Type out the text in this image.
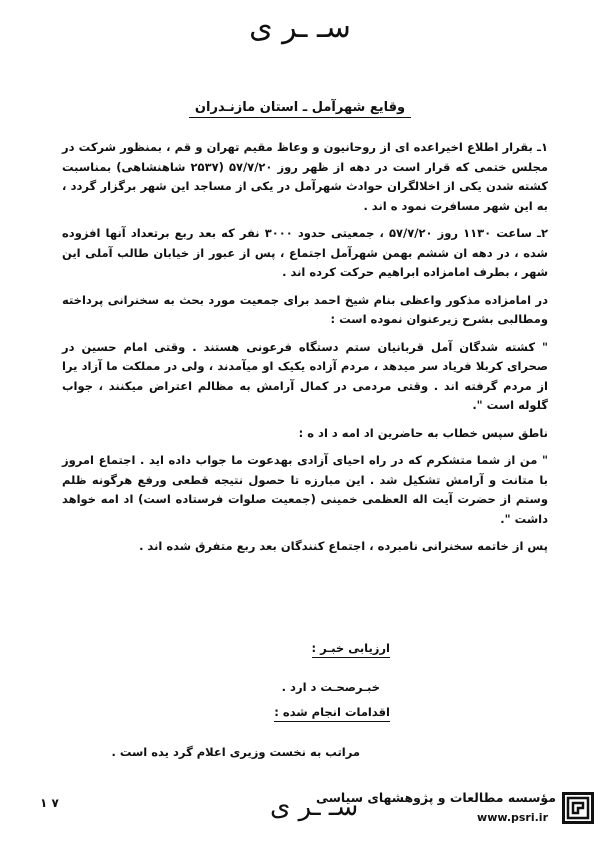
سـ ـر ی
وقایع شهرآمل ـ استان مازنـدران

۱ـ بقرار اطلاع اخیراعده ‌ای از روحانیون و وعاظ مقیم تهران و قم ، بمنظور شرکت در مجلس ختمی که قرار است در دهه از ظهر روز ۵۷/۷/۲۰ (۲۵۳۷ شاهنشاهی) بمناسبت کشته شدن یکی از اخلالگران حوادث شهرآمل در یکی از مساجد این شهر برگزار گردد ، به این شهر مسافرت نمود ه اند .

۲ـ ساعت ۱۱۳۰ روز ۵۷/۷/۲۰ ، جمعیتی حدود ۳۰۰۰ نفر که بعد ربع برتعداد آنها افزوده شده ، در دهه ‌ان ششم بهمن شهرآمل اجتماع ، پس از عبور از خیابان طالب آملی این شهر ، بطرف امامزاده ابراهیم حرکت کرده اند .

در امامزاده مذکور واعظی بنام شیخ احمد برای جمعیت مورد بحث به سخنرانی پرداخته ومطالبی بشرح زیرعنوان نموده است :

" کشته شدگان آمل قربانیان ستم دستگاه فرعونی هستند . وقتی امام حسین در صحرای کربلا فریاد سر میدهد ، مردم آزاده یکیک او میآمدند ، ولی در مملکت ما آزاد یرا از مردم گرفته اند . وقتی مردمی در کمال آرامش به مظالم اعتراض میکنند ، جواب گلوله است ".

ناطق سپس خطاب به حاضرین اد امه د اد ه :

" من از شما متشکرم که در راه احیای آزادی بهدعوت ما جواب داده اید . اجتماع امروز با متانت و آرامش تشکیل شد . این مبارزه تا حصول نتیجه قطعی ورفع هرگونه ظلم وستم از حضرت آیت اله العظمی خمینی (جمعیت صلوات فرستاده است) اد امه خواهد داشت ".

پس از خاتمه سخنرانی نامبرده ، اجتماع کنندگان بعد ربع متفرق شده اند .

ارزیابی خبـر :
خبـرصحـت د ارد .
اقدامات انجام شده :
مراتب به نخست وزیری اعلام گرد یده است .
۱ ۷	سـ ـر ی
مؤسسه مطالعات و پژوهشهای سیاسی
www.psri.ir
